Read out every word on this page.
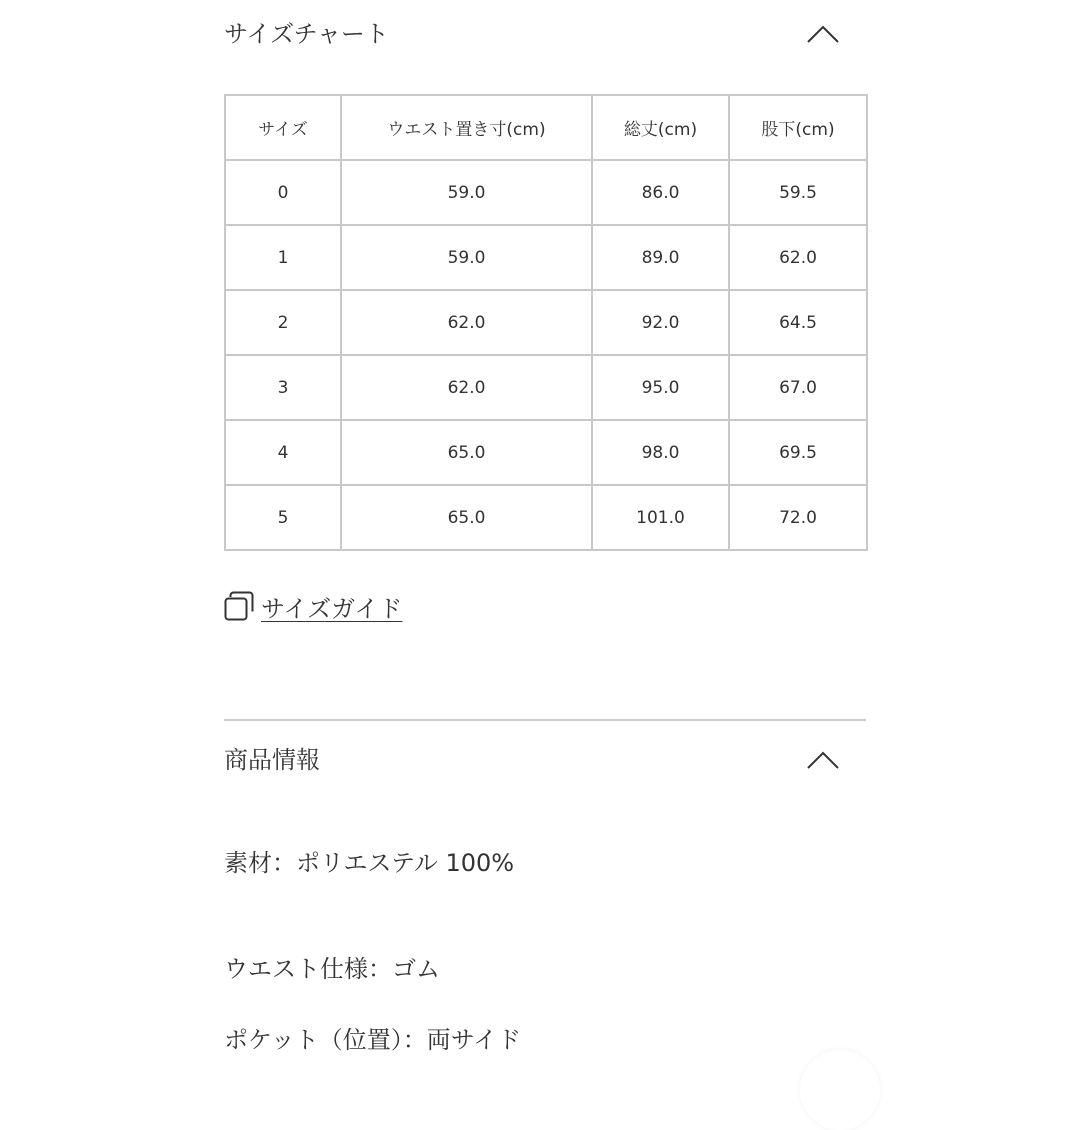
サイズチャート
サイズ	ウエスト置き寸(cm)	総丈(cm)	股下(cm)
0	59.0	86.0	59.5
1	59.0	89.0	62.0
2	62.0	92.0	64.5
3	62.0	95.0	67.0
4	65.0	98.0	69.5
5	65.0	101.0	72.0
サイズガイド
商品情報
素材：ポリエステル 100%
ウエスト仕様：ゴム
ポケット（位置）：両サイド
